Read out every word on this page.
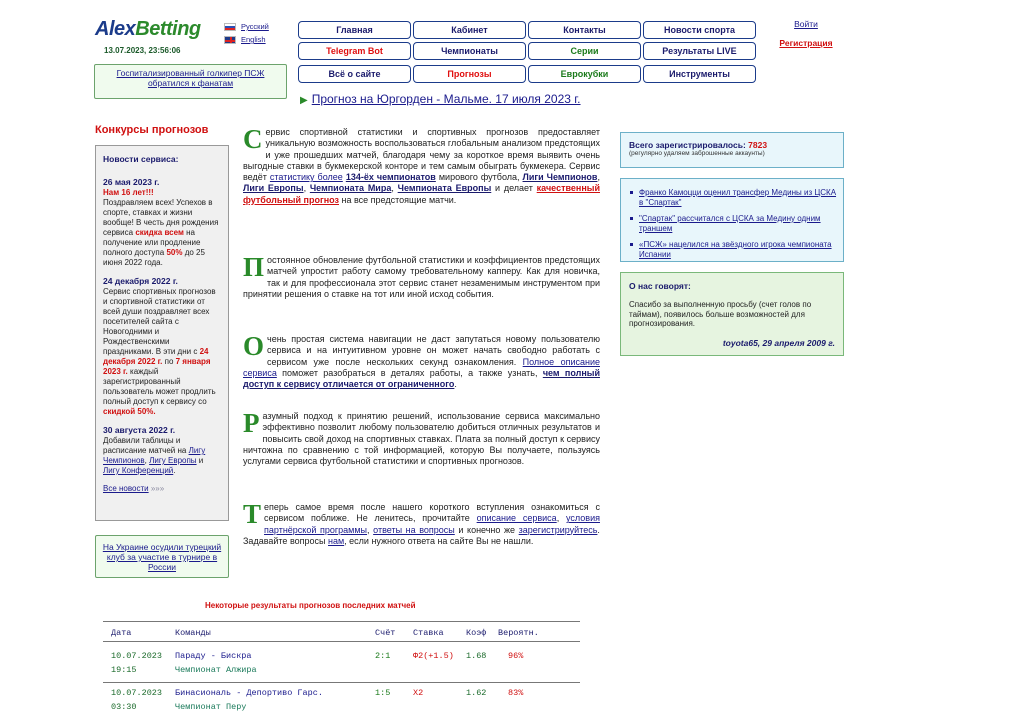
AlexBetting
13.07.2023, 23:56:06
Русский
English
Госпитализированный голкипер ПСЖ обратился к фанатам
Главная	Кабинет	Контакты	Новости спорта
Telegram Bot	Чемпионаты	Серии	Результаты LIVE
Всё о сайте	Прогнозы	Еврокубки	Инструменты
Войти
Регистрация
▶ Прогноз на Юргорден - Мальме. 17 июля 2023 г.
Конкурсы прогнозов
Новости сервиса:

26 мая 2023 г.
Нам 16 лет!!!
Поздравляем всех! Успехов в спорте, ставках и жизни вообще! В честь дня рождения сервиса скидка всем на получение или продление полного доступа 50% до 25 июня 2022 года.

24 декабря 2022 г.
Сервис спортивных прогнозов и спортивной статистики от всей души поздравляет всех посетителей сайта с Новогодними и Рождественскими праздниками. В эти дни с 24 декабря 2022 г. по 7 января 2023 г. каждый зарегистрированный пользователь может продлить полный доступ к сервису со скидкой 50%.

30 августа 2022 г.
Добавили таблицы и расписание матчей на Лигу Чемпионов, Лигу Европы и Лигу Конференций.

Все новости »»»
На Украине осудили турецкий клуб за участие в турнире в России
Сервис спортивной статистики и спортивных прогнозов предоставляет уникальную возможность воспользоваться глобальным анализом предстоящих и уже прошедших матчей, благодаря чему за короткое время выявить очень выгодные ставки в букмекерской конторе и тем самым обыграть букмекера. Сервис ведёт статистику более 134-ёх чемпионатов мирового футбола, Лиги Чемпионов, Лиги Европы, Чемпионата Мира, Чемпионата Европы и делает качественный футбольный прогноз на все предстоящие матчи.
Постоянное обновление футбольной статистики и коэффициентов предстоящих матчей упростит работу самому требовательному капперу. Как для новичка, так и для профессионала этот сервис станет незаменимым инструментом при принятии решения о ставке на тот или иной исход события.
Очень простая система навигации не даст запутаться новому пользователю сервиса и на интуитивном уровне он может начать свободно работать с сервисом уже после нескольких секунд ознакомления. Полное описание сервиса поможет разобраться в деталях работы, а также узнать, чем полный доступ к сервису отличается от ограниченного.
Разумный подход к принятию решений, использование сервиса максимально эффективно позволит любому пользователю добиться отличных результатов и повысить свой доход на спортивных ставках. Плата за полный доступ к сервису ничтожна по сравнению с той информацией, которую Вы получаете, пользуясь услугами сервиса футбольной статистики и спортивных прогнозов.
Теперь самое время после нашего короткого вступления ознакомиться с сервисом поближе. Не ленитесь, прочитайте описание сервиса, условия партнёрской программы, ответы на вопросы и конечно же зарегистрируйтесь. Задавайте вопросы нам, если нужного ответа на сайте Вы не нашли.
Всего зарегистрировалось: 7823
(регулярно удаляем заброшенные аккаунты)
Франко Камоцци оценил трансфер Медины из ЦСКА в "Спартак"
"Спартак" рассчитался с ЦСКА за Медину одним траншем
«ПСЖ» нацелился на звёздного игрока чемпионата Испании
О нас говорят:
Спасибо за выполненную просьбу (счет голов по таймам), появилось больше возможностей для прогнозирования.
toyota65, 29 апреля 2009 г.
Некоторые результаты прогнозов последних матчей
Дата	Команды	Счёт Ставка	Коэф Вероятн.
10.07.2023 Параду - Бискра	2:1	Ф2(+1.5) 1.68	96%
19:15	Чемпионат Алжира
10.07.2023 Бинасиональ - Депортиво Гарс.	1:5	Х2	1.62	83%
03:30	Чемпионат Перу
